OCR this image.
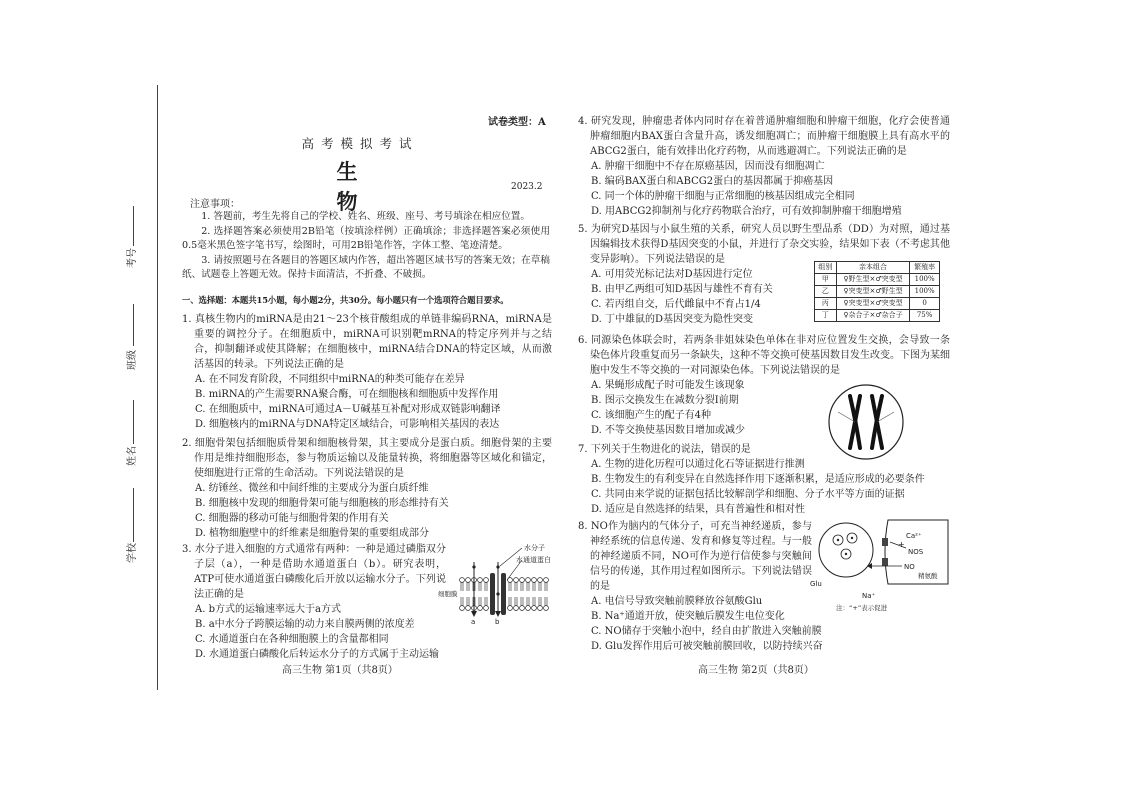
考号
班级
姓名
学校
试卷类型：A
高考模拟考试
生 物
2023.2
注意事项：
1. 答题前，考生先将自己的学校、姓名、班级、座号、考号填涂在相应位置。
2. 选择题答案必须使用2B铅笔（按填涂样例）正确填涂；非选择题答案必须使用0.5毫米黑色签字笔书写，绘图时，可用2B铅笔作答，字体工整、笔迹清楚。
3. 请按照题号在各题目的答题区域内作答，超出答题区域书写的答案无效；在草稿纸、试题卷上答题无效。保持卡面清洁，不折叠、不破损。
一、选择题：本题共15小题，每小题2分，共30分。每小题只有一个选项符合题目要求。
1. 真核生物内的miRNA是由21～23个核苷酸组成的单链非编码RNA，miRNA是重要的调控分子。在细胞质中，miRNA可识别靶mRNA的特定序列并与之结合，抑制翻译或使其降解；在细胞核中，miRNA结合DNA的特定区域，从而激活基因的转录。下列说法正确的是
A. 在不同发育阶段，不同组织中miRNA的种类可能存在差异
B. miRNA的产生需要RNA聚合酶，可在细胞核和细胞质中发挥作用
C. 在细胞质中，miRNA可通过A－U碱基互补配对形成双链影响翻译
D. 细胞核内的miRNA与DNA特定区域结合，可影响相关基因的表达
2. 细胞骨架包括细胞质骨架和细胞核骨架，其主要成分是蛋白质。细胞骨架的主要作用是维持细胞形态，参与物质运输以及能量转换，将细胞器等区域化和锚定，使细胞进行正常的生命活动。下列说法错误的是
A. 纺锤丝、微丝和中间纤维的主要成分为蛋白质纤维
B. 细胞核中发现的细胞骨架可能与细胞核的形态维持有关
C. 细胞器的移动可能与细胞骨架的作用有关
D. 植物细胞壁中的纤维素是细胞骨架的重要组成部分
3. 水分子进入细胞的方式通常有两种：一种是通过磷脂双分子层（a），一种是借助水通道蛋白（b）。研究表明，ATP可使水通道蛋白磷酸化后开放以运输水分子。下列说法正确的是
A. b方式的运输速率远大于a方式
B. a中水分子跨膜运输的动力来自膜两侧的浓度差
C. 水通道蛋白在各种细胞膜上的含量都相同
D. 水通道蛋白磷酸化后转运水分子的方式属于主动运输
水分子
水通道蛋白
细胞膜
a	b
高三生物 第1页（共8页）
4. 研究发现，肿瘤患者体内同时存在着普通肿瘤细胞和肿瘤干细胞，化疗会使普通肿瘤细胞内BAX蛋白含量升高，诱发细胞凋亡；而肿瘤干细胞膜上具有高水平的ABCG2蛋白，能有效排出化疗药物，从而逃避凋亡。下列说法正确的是
A. 肿瘤干细胞中不存在原癌基因，因而没有细胞凋亡
B. 编码BAX蛋白和ABCG2蛋白的基因都属于抑癌基因
C. 同一个体的肿瘤干细胞与正常细胞的核基因组成完全相同
D. 用ABCG2抑制剂与化疗药物联合治疗，可有效抑制肿瘤干细胞增殖
5. 为研究D基因与小鼠生殖的关系，研究人员以野生型品系（DD）为对照，通过基因编辑技术获得D基因突变的小鼠，并进行了杂交实验，结果如下表（不考虑其他变异影响）。下列说法错误的是
A. 可用荧光标记法对D基因进行定位
B. 由甲乙两组可知D基因与雄性不育有关
C. 若丙组自交，后代雌鼠中不育占1/4
D. 丁中雄鼠的D基因突变为隐性突变
组别	亲本组合	繁殖率
甲	♀野生型×♂突变型	100%
乙	♀突变型×♂野生型	100%
丙	♀突变型×♂突变型	0
丁	♀杂合子×♂杂合子	75%
6. 同源染色体联会时，若两条非姐妹染色单体在非对应位置发生交换，会导致一条染色体片段重复而另一条缺失，这种不等交换可使基因数目发生改变。下图为某细胞中发生不等交换的一对同源染色体。下列说法错误的是
A. 果蝇形成配子时可能发生该现象
B. 图示交换发生在减数分裂Ⅰ前期
C. 该细胞产生的配子有4种
D. 不等交换使基因数目增加或减少
7. 下列关于生物进化的说法，错误的是
A. 生物的进化历程可以通过化石等证据进行推测
B. 生物发生的有利变异在自然选择作用下逐渐积累，是适应形成的必要条件
C. 共同由来学说的证据包括比较解剖学和细胞、分子水平等方面的证据
D. 适应是自然选择的结果，具有普遍性和相对性
8. NO作为脑内的气体分子，可充当神经递质，参与神经系统的信息传递、发育和修复等过程。与一般的神经递质不同，NO可作为逆行信使参与突触间信号的传递，其作用过程如图所示。下列说法错误的是
A. 电信号导致突触前膜释放谷氨酸Glu
B. Na⁺通道开放，使突触后膜发生电位变化
C. NO储存于突触小泡中，经自由扩散进入突触前膜
D. Glu发挥作用后可被突触前膜回收，以防持续兴奋
Glu
Na⁺
Ca²⁺
NOS
NO
精氨酸
+
注：“+”表示促进
高三生物 第2页（共8页）
